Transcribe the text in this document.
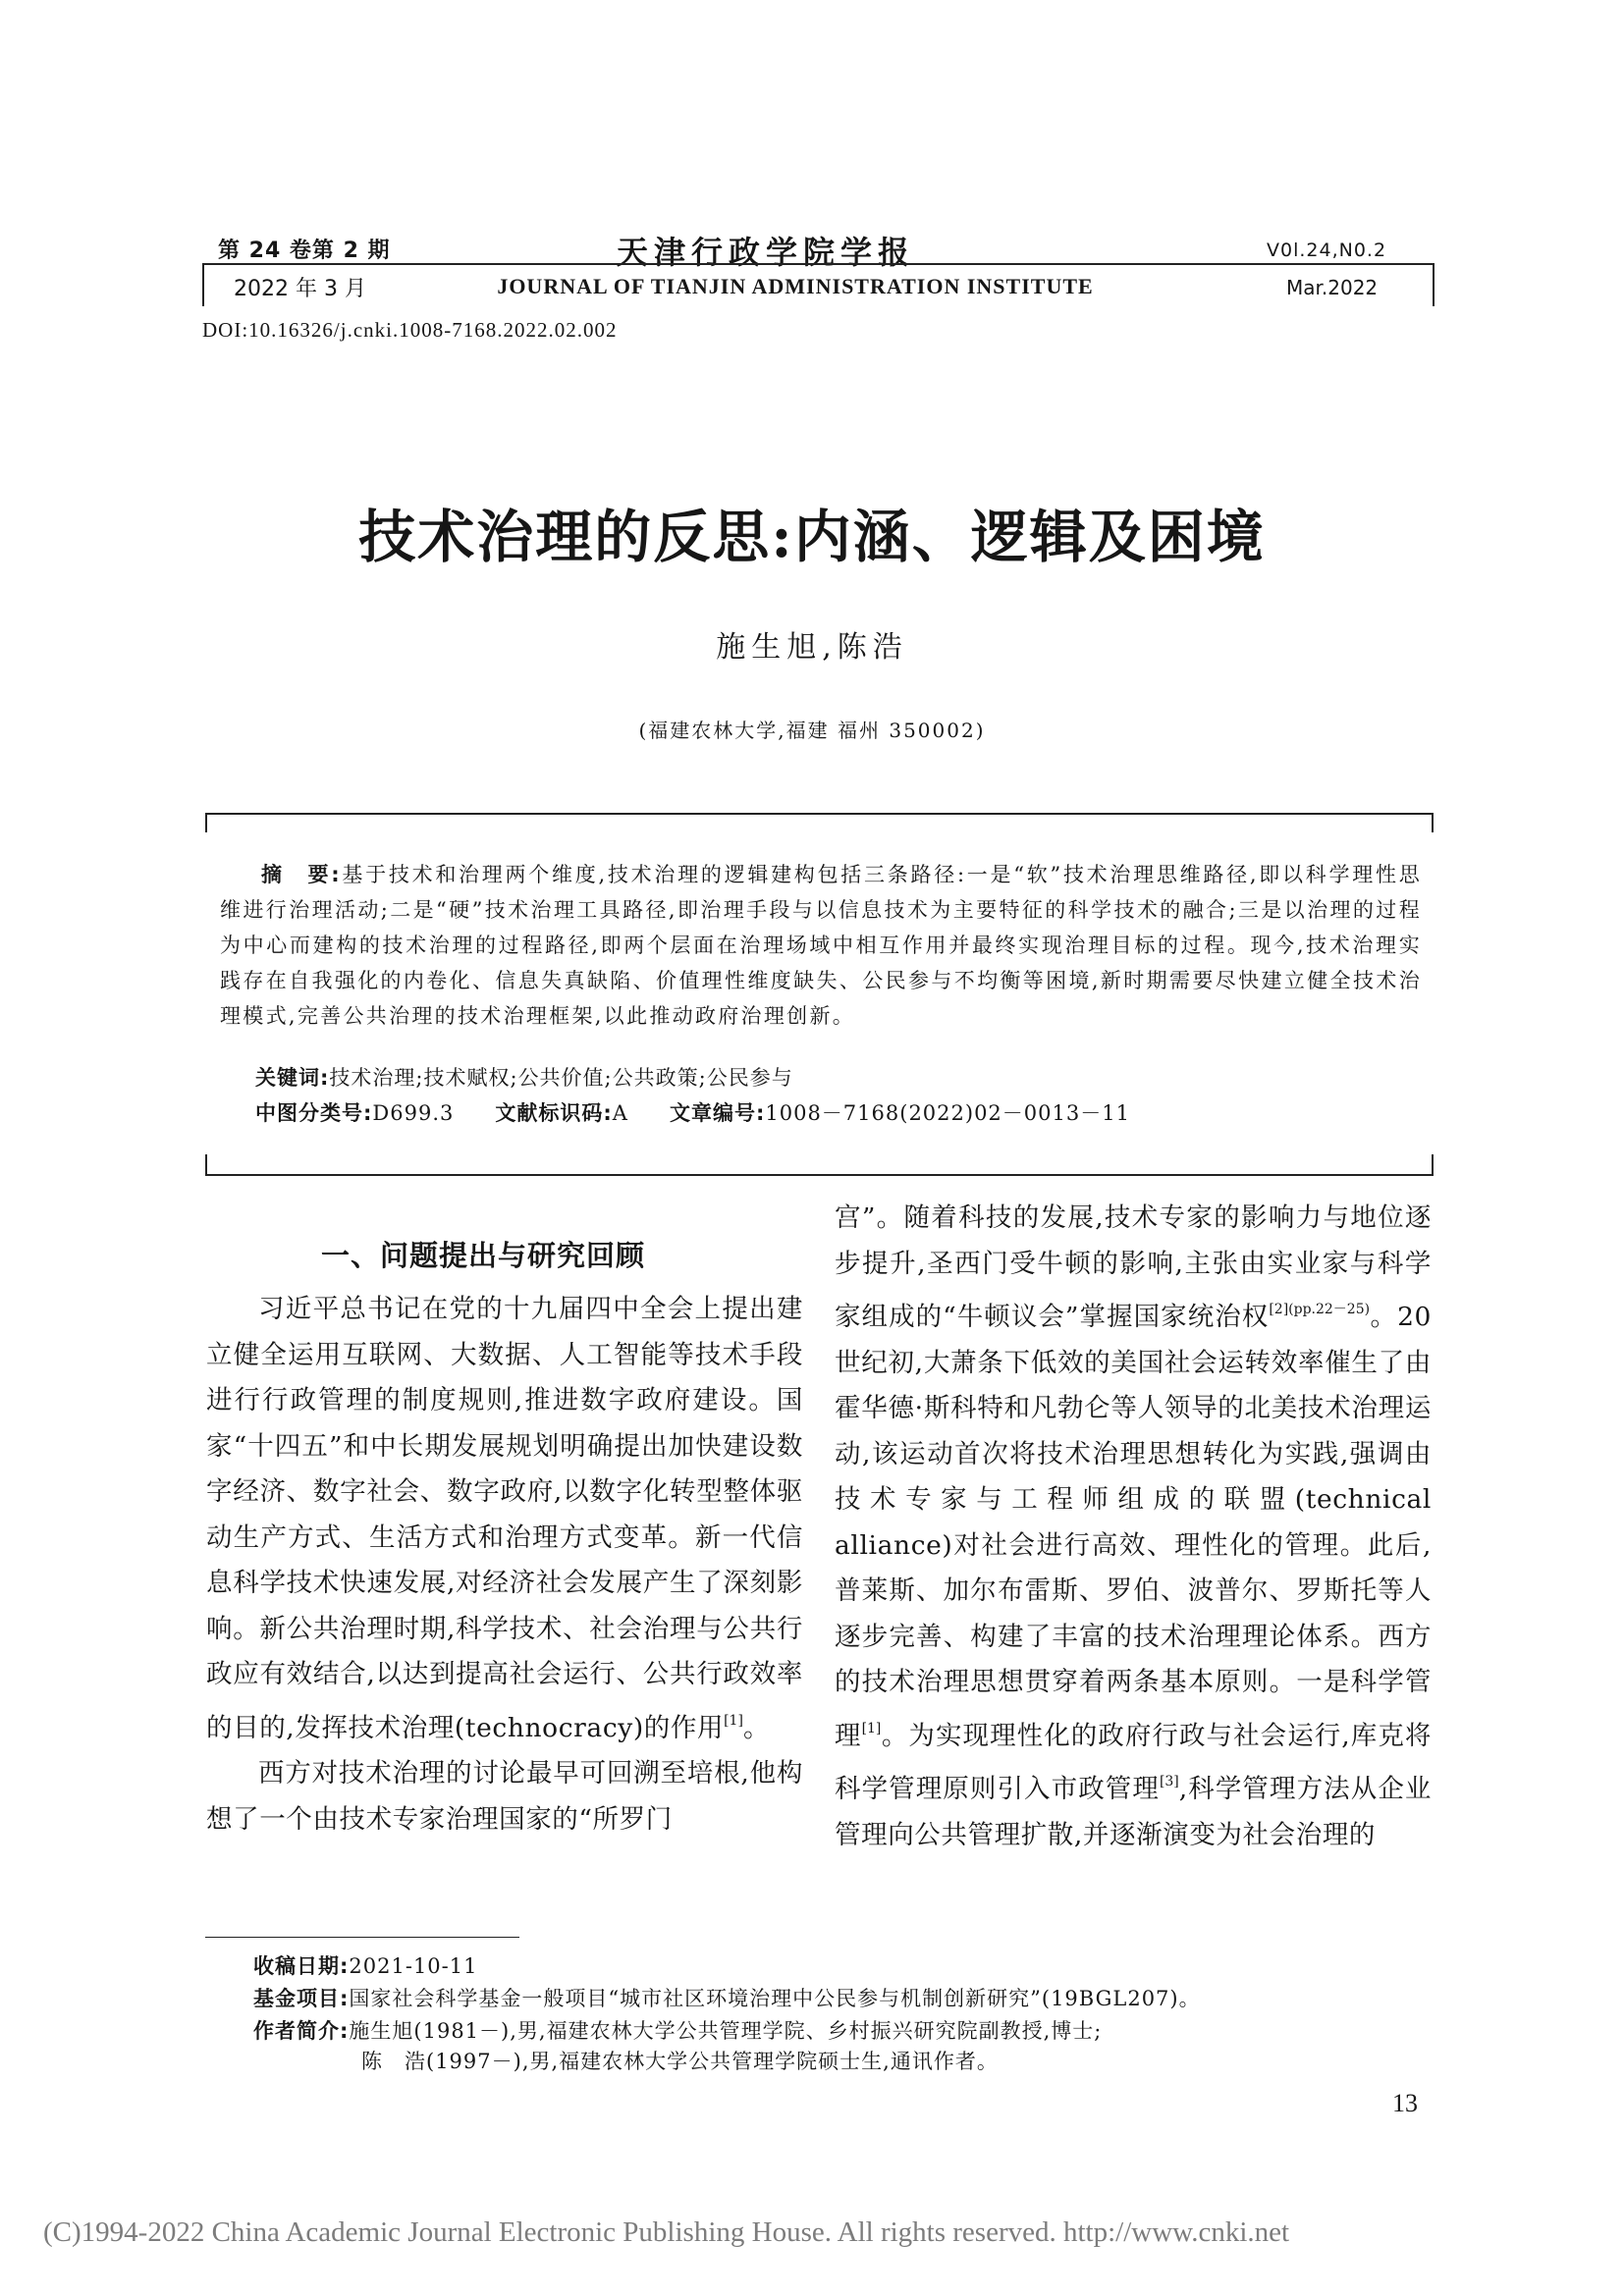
第 24 卷第 2 期
2022 年 3 月
天津行政学院学报
JOURNAL OF TIANJIN ADMINISTRATION INSTITUTE
V0l.24,N0.2
Mar.2022
DOI:10.16326/j.cnki.1008-7168.2022.02.002
技术治理的反思:内涵、逻辑及困境
施生旭,陈浩
(福建农林大学,福建 福州 350002)
摘　要:基于技术和治理两个维度,技术治理的逻辑建构包括三条路径:一是“软”技术治理思维路径,即以科学理性思维进行治理活动;二是“硬”技术治理工具路径,即治理手段与以信息技术为主要特征的科学技术的融合;三是以治理的过程为中心而建构的技术治理的过程路径,即两个层面在治理场域中相互作用并最终实现治理目标的过程。现今,技术治理实践存在自我强化的内卷化、信息失真缺陷、价值理性维度缺失、公民参与不均衡等困境,新时期需要尽快建立健全技术治理模式,完善公共治理的技术治理框架,以此推动政府治理创新。
关键词:技术治理;技术赋权;公共价值;公共政策;公民参与
中图分类号:D699.3 文献标识码:A 文章编号:1008－7168(2022)02－0013－11
一、问题提出与研究回顾

习近平总书记在党的十九届四中全会上提出建立健全运用互联网、大数据、人工智能等技术手段进行行政管理的制度规则,推进数字政府建设。国家“十四五”和中长期发展规划明确提出加快建设数字经济、数字社会、数字政府,以数字化转型整体驱动生产方式、生活方式和治理方式变革。新一代信息科学技术快速发展,对经济社会发展产生了深刻影响。新公共治理时期,科学技术、社会治理与公共行政应有效结合,以达到提高社会运行、公共行政效率的目的,发挥技术治理(technocracy)的作用[1]。

西方对技术治理的讨论最早可回溯至培根,他构想了一个由技术专家治理国家的“所罗门

宫”。随着科技的发展,技术专家的影响力与地位逐步提升,圣西门受牛顿的影响,主张由实业家与科学家组成的“牛顿议会”掌握国家统治权$^{[2](pp.22-25)}$。20世纪初,大萧条下低效的美国社会运转效率催生了由霍华德·斯科特和凡勃仑等人领导的北美技术治理运动,该运动首次将技术治理思想转化为实践,强调由技术专家与工程师组成的联盟(technical alliance)对社会进行高效、理性化的管理。此后,普莱斯、加尔布雷斯、罗伯、波普尔、罗斯托等人逐步完善、构建了丰富的技术治理理论体系。西方的技术治理思想贯穿着两条基本原则。一是科学管理[1]。为实现理性化的政府行政与社会运行,库克将科学管理原则引入市政管理[3],科学管理方法从企业管理向公共管理扩散,并逐渐演变为社会治理的

收稿日期:2021-10-11
基金项目:国家社会科学基金一般项目“城市社区环境治理中公民参与机制创新研究”(19BGL207)。
作者简介:施生旭(1981－),男,福建农林大学公共管理学院、乡村振兴研究院副教授,博士;
陈　浩(1997－),男,福建农林大学公共管理学院硕士生,通讯作者。
13
(C)1994-2022 China Academic Journal Electronic Publishing House. All rights reserved. http://www.cnki.net
